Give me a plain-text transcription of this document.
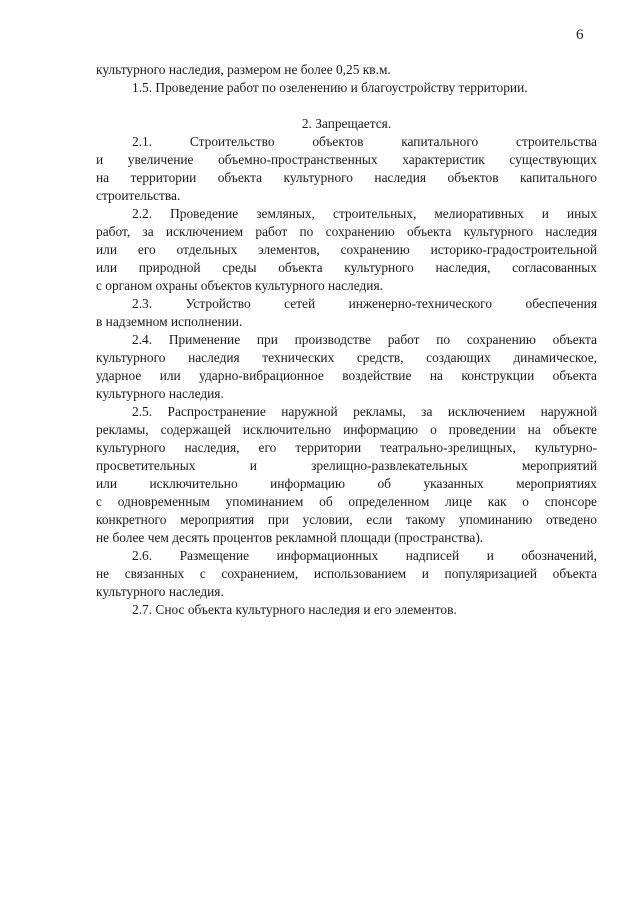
6
культурного наследия, размером не более 0,25 кв.м.
1.5. Проведение работ по озеленению и благоустройству территории.
2. Запрещается.
2.1. Строительство объектов капитального строительства
и увеличение объемно-пространственных характеристик существующих
на территории объекта культурного наследия объектов капитального
строительства.
2.2. Проведение земляных, строительных, мелиоративных и иных
работ, за исключением работ по сохранению объекта культурного наследия
или его отдельных элементов, сохранению историко-градостроительной
или природной среды объекта культурного наследия, согласованных
с органом охраны объектов культурного наследия.
2.3. Устройство сетей инженерно-технического обеспечения
в надземном исполнении.
2.4. Применение при производстве работ по сохранению объекта
культурного наследия технических средств, создающих динамическое,
ударное или ударно-вибрационное воздействие на конструкции объекта
культурного наследия.
2.5. Распространение наружной рекламы, за исключением наружной
рекламы, содержащей исключительно информацию о проведении на объекте
культурного наследия, его территории театрально-зрелищных, культурно-
просветительных и зрелищно-развлекательных мероприятий
или исключительно информацию об указанных мероприятиях
с одновременным упоминанием об определенном лице как о спонсоре
конкретного мероприятия при условии, если такому упоминанию отведено
не более чем десять процентов рекламной площади (пространства).
2.6. Размещение информационных надписей и обозначений,
не связанных с сохранением, использованием и популяризацией объекта
культурного наследия.
2.7. Снос объекта культурного наследия и его элементов.
